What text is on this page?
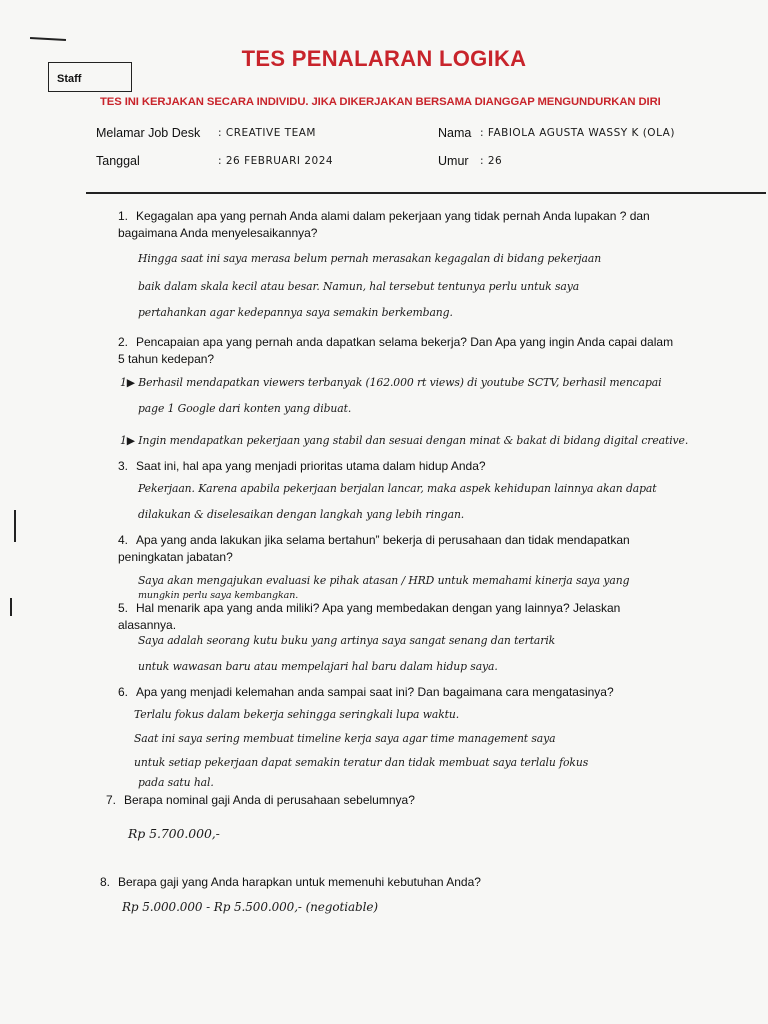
TES PENALARAN LOGIKA
Staff
TES INI KERJAKAN SECARA INDIVIDU. JIKA DIKERJAKAN BERSAMA DIANGGAP MENGUNDURKAN DIRI
Melamar Job Desk : CREATIVE TEAM	Nama : FABIOLA AGUSTA WASSY K (OLA)
Tanggal	: 26 FEBRUARI 2024	Umur : 26
1. Kegagalan apa yang pernah Anda alami dalam pekerjaan yang tidak pernah Anda lupakan ? dan bagaimana Anda menyelesaikannya?
Hingga saat ini saya merasa belum pernah merasakan kegagalan di bidang pekerjaan
baik dalam skala kecil atau besar. Namun, hal tersebut tentunya perlu untuk saya
pertahankan agar kedepannya saya semakin berkembang.
2. Pencapaian apa yang pernah anda dapatkan selama bekerja? Dan Apa yang ingin Anda capai dalam 5 tahun kedepan?
1▶ Berhasil mendapatkan viewers terbanyak (162.000 rt views) di youtube SCTV, berhasil mencapai
page 1 Google dari konten yang dibuat.
1▶ Ingin mendapatkan pekerjaan yang stabil dan sesuai dengan minat & bakat di bidang digital creative.
3. Saat ini, hal apa yang menjadi prioritas utama dalam hidup Anda?
Pekerjaan. Karena apabila pekerjaan berjalan lancar, maka aspek kehidupan lainnya akan dapat
dilakukan & diselesaikan dengan langkah yang lebih ringan.
4. Apa yang anda lakukan jika selama bertahun” bekerja di perusahaan dan tidak mendapatkan peningkatan jabatan?
Saya akan mengajukan evaluasi ke pihak atasan / HRD untuk memahami kinerja saya yang
mungkin perlu saya kembangkan.
5. Hal menarik apa yang anda miliki? Apa yang membedakan dengan yang lainnya? Jelaskan alasannya.
Saya adalah seorang kutu buku yang artinya saya sangat senang dan tertarik
untuk wawasan baru atau mempelajari hal baru dalam hidup saya.
6. Apa yang menjadi kelemahan anda sampai saat ini? Dan bagaimana cara mengatasinya?
Terlalu fokus dalam bekerja sehingga seringkali lupa waktu.
Saat ini saya sering membuat timeline kerja saya agar time management saya
untuk setiap pekerjaan dapat semakin teratur dan tidak membuat saya terlalu fokus
pada satu hal.
7. Berapa nominal gaji Anda di perusahaan sebelumnya?
Rp 5.700.000,-
8. Berapa gaji yang Anda harapkan untuk memenuhi kebutuhan Anda?
Rp 5.000.000 - Rp 5.500.000,- (negotiable)
